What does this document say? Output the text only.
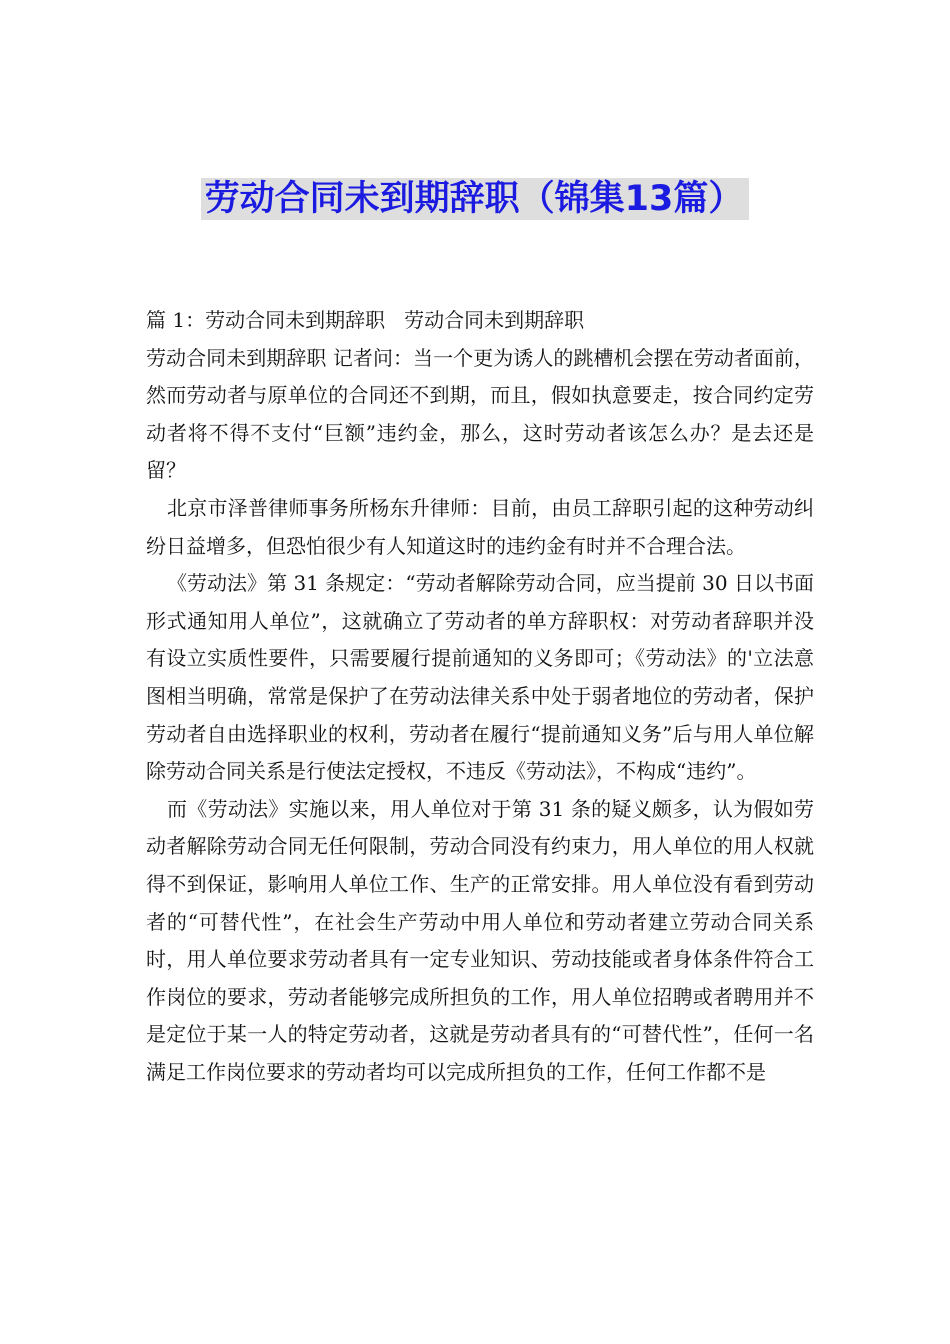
劳动合同未到期辞职（锦集13篇）

篇 1：劳动合同未到期辞职   劳动合同未到期辞职

劳动合同未到期辞职 记者问：当一个更为诱人的跳槽机会摆在劳动者面前，然而劳动者与原单位的合同还不到期，而且，假如执意要走，按合同约定劳动者将不得不支付“巨额”违约金，那么，这时劳动者该怎么办？是去还是留？

北京市泽普律师事务所杨东升律师：目前，由员工辞职引起的这种劳动纠纷日益增多，但恐怕很少有人知道这时的违约金有时并不合理合法。

《劳动法》第 31 条规定：“劳动者解除劳动合同，应当提前 30 日以书面形式通知用人单位”，这就确立了劳动者的单方辞职权：对劳动者辞职并没有设立实质性要件，只需要履行提前通知的义务即可；《劳动法》的'立法意图相当明确，常常是保护了在劳动法律关系中处于弱者地位的劳动者，保护劳动者自由选择职业的权利，劳动者在履行“提前通知义务”后与用人单位解除劳动合同关系是行使法定授权，不违反《劳动法》，不构成“违约”。

而《劳动法》实施以来，用人单位对于第 31 条的疑义颇多，认为假如劳动者解除劳动合同无任何限制，劳动合同没有约束力，用人单位的用人权就得不到保证，影响用人单位工作、生产的正常安排。用人单位没有看到劳动者的“可替代性”，在社会生产劳动中用人单位和劳动者建立劳动合同关系时，用人单位要求劳动者具有一定专业知识、劳动技能或者身体条件符合工作岗位的要求，劳动者能够完成所担负的工作，用人单位招聘或者聘用并不是定位于某一人的特定劳动者，这就是劳动者具有的“可替代性”，任何一名满足工作岗位要求的劳动者均可以完成所担负的工作，任何工作都不是
